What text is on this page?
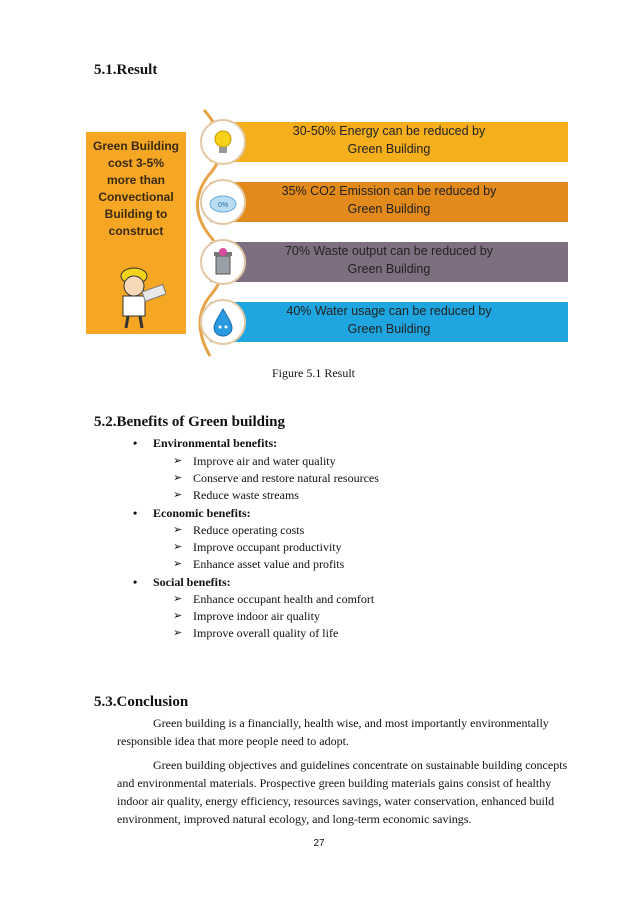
5.1.Result
Green Building
cost 3-5%
more than
Convectional
Building to
construct
30-50% Energy can be reduced by
Green Building
35% CO2 Emission can be reduced by
Green Building
0%
70% Waste output can be reduced by
Green Building
40% Water usage can be reduced by
Green Building
Figure 5.1 Result
5.2.Benefits of Green building
• Environmental benefits:
➢ Improve air and water quality
➢ Conserve and restore natural resources
➢ Reduce waste streams
• Economic benefits:
➢ Reduce operating costs
➢ Improve occupant productivity
➢ Enhance asset value and profits
• Social benefits:
➢ Enhance occupant health and comfort
➢ Improve indoor air quality
➢ Improve overall quality of life
5.3.Conclusion

Green building is a financially, health wise, and most importantly environmentally

responsible idea that more people need to adopt.

Green building objectives and guidelines concentrate on sustainable building concepts

and environmental materials. Prospective green building materials gains consist of healthy

indoor air quality, energy efficiency, resources savings, water conservation, enhanced build

environment, improved natural ecology, and long-term economic savings.

27
